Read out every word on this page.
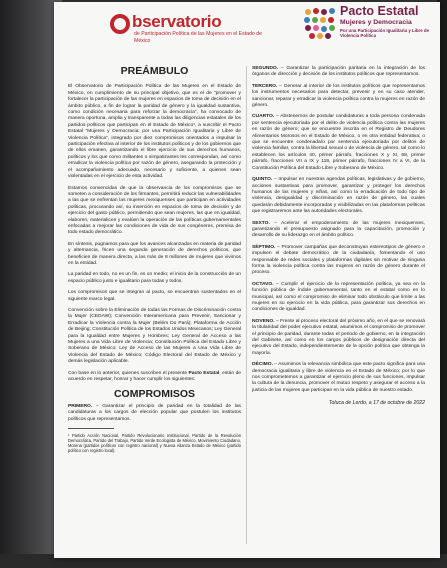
bservatorio
de Participación Política de las Mujeres en el Estado de México
Pacto Estatal
Mujeres y Democracia
Por una Participación Igualitaria y Libre de Violencia Política
PREÁMBULO

El Observatorio de Participación Política de las Mujeres en el Estado de México, en cumplimiento de su principal objetivo, que es el de “promover y fortalecer la participación de las mujeres en espacios de toma de decisión en el ámbito público, a fin de lograr la paridad de género y la igualdad sustantiva, como condición necesaria para reforzar la democracia”, ha convocado de manera oportuna, amplia y transparente a todas las diligencias estatales de los partidos políticos que participan en el Estado de México¹, a suscribir el Pacto Estatal “Mujeres y Democracia: por una Participación Igualitaria y Libre de Violencia Política”, integrado por diez compromisos orientados a impulsar la participación efectiva al interior de los institutos políticos y de los gobiernos que de ellos emanen, garantizando el libre ejercicio de sus derechos humanos, políticos y los que como militantes o simpatizantes les correspondan, así como erradicar la violencia política por razón de género, asegurando la protección y el acompañamiento adecuado, necesario y suficiente, a quienes sean violentadas en el ejercicio de esta actividad.

Estamos convencidas de que la observancia de los compromisos que se someten a consideración de los firmantes, permitirá reducir las vulnerabilidades a las que se enfrentan las mujeres mexiquenses que participan en actividades políticas, procurando así, su inserción en espacios de toma de decisión y de ejercicio del gasto público, permitiendo que sean mujeres, las que en igualdad, elaboren, materialicen y evalúen la operación de las políticas gubernamentales enfocadas a mejorar las condiciones de vida de sus congéneres, premisa de todo estado democrático.

En síntesis, pugnamos para que los avances alcanzados en materia de paridad y alternancia, fricen una segunda generación de derechos políticos, que beneficien de manera directa, a las más de 8 millones de mujeres que vivimos en la entidad.

La paridad en todo, no es un fin, es un medio; el inicio de la construcción de un espacio público justo e igualitario para todas y todos.

Los compromisos que se integran al pacto, se encuentran sustentados en el siguiente marco legal.

Convención sobre la Eliminación de todas las Formas de Discriminación contra la Mujer (CEDAW); Convención Interamericana para Prevenir, Sancionar y Erradicar la Violencia contra la Mujer (Belém Do Pará); Plataforma de Acción de Beijing; Constitución Política de los Estados Unidos Mexicanos; Ley General para la Igualdad entre Mujeres y Hombres; Ley General de Acceso a las Mujeres a una Vida Libre de Violencia; Constitución Política del Estado Libre y Soberano de México; Ley de Acceso de las Mujeres a Una Vida Libre de Violencia del Estado de México; Código Electoral del Estado de México y demás legislación aplicable.

Con base en lo anterior, quienes suscriben el presente Pacto Estatal, están de acuerdo en respetar, honrar y hacer cumplir los siguientes:

COMPROMISOS

PRIMERO. – Garantizar el principio de paridad en la totalidad de las candidaturas a los cargos de elección popular que postulen los institutos políticos que representamos.

¹ Partido Acción Nacional, Partido Revolucionario Institucional, Partido de la Revolución Democrática, Partido del Trabajo, Partido Verde Ecologista de México, Movimiento Ciudadano, Morena (partidos políticos con registro nacional) y Nueva Alianza Estado de México (partido político con registro local).

SEGUNDO. – Garantizar la participación paritaria en la integración de los órganos de dirección y decisión de los institutos políticos que representamos.

TERCERO. – Generar al interior de los institutos políticos que representamos los instrumentos necesarios para detectar, prevenir y en su caso atender, sancionar, reparar y erradicar la violencia política contra la mujeres en razón de género.

CUARTO. – Abstenernos de postular candidaturas a toda persona condenada por sentencia ejecutoriada por el delito de violencia política contra las mujeres en razón de género; que se encuentre inscrita en el Registro de Deudores Alimentarios Morosos en el Estado de México, o en otra entidad federativa; o que se encuentre condenada/o por sentencia ejecutoriada por delitos de violencia familiar, contra la libertad sexual o de violencia de género, tal como lo establecen los artículos 40, primer párrafo, fracciones X y XI, 68, primer párrafo, fracciones VII a IX y 119, primer párrafo, fracciones IV a VI, de la Constitución Política del Estado Libre y Soberano de México.

QUINTO. – Impulsar en nuestras agendas políticas, legislativas y de gobierno, acciones sustantivas para promover, garantizar y proteger los derechos humanos de las mujeres y niñas, así como la erradicación de todo tipo de violencia, desigualdad y discriminación en razón de género, las cuales quedarán debidamente incorporadas y visibilizadas en las plataformas políticas que registraremos ante las autoridades electorales.

SEXTO. – Acelerar el empoderamiento de las mujeres mexiquenses, garantizando el presupuesto asignado para la capacitación, promoción y desarrollo de su liderazgo en el ámbito político.

SÉPTIMO. – Promover campañas que deconstruyan estereotipos de género e impulsen el debate democrático de la ciudadanía, fomentando el uso responsable de redes sociales y plataformas digitales sin motivar de ninguna forma la violencia política contra las mujeres en razón de género durante el proceso.

OCTAVO. – Cumplir el ejercicio de la representación política, ya sea en la función pública de índole gubernamental, tanto en el estatal como en lo municipal, así como el compromiso de eliminar todo obstáculo que limite a las mujeres en su ejercicio en la vida pública, para garantizar sus derechos en condiciones de igualdad.

NOVENO. – Frente al proceso electoral del próximo año, en el que se renovará la titularidad del poder ejecutivo estatal, asumimos el compromiso de promover el principio de paridad, durante todas el periodo de gobierno, en la integración del Gabinete, así como en los cargos públicos de designación directa del ejecutivo del Estado, independientemente de la opción política que obtenga la mayoría.

DÉCIMO. – Asumimos la relevancia simbólica que este pacto significa para una democracia igualitaria y libre de violencia en el Estado de México; por lo que nos comprometemos a garantizar el ejercicio pleno de sus funciones, impulsar la cultura de la denuncia, promover el mutuo respeto y asegurar el acceso a la justicia de las mujeres que participan en la vida pública de nuestro estado.

Toluca de Lerdo, a 17 de octubre de 2022
